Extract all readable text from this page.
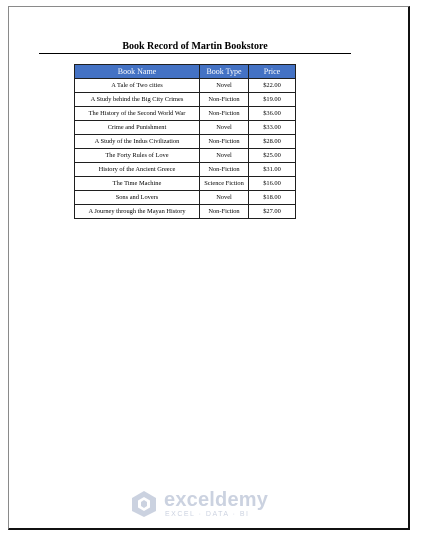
Book Record of Martin Bookstore
Book Name	Book Type	Price
A Tale of Two cities	Novel	$22.00
A Study behind the Big City Crimes	Non-Fiction	$19.00
The History of the Second World War	Non-Fiction	$36.00
Crime and Punishment	Novel	$33.00
A Study of the Indus Civilization	Non-Fiction	$28.00
The Forty Rules of Love	Novel	$25.00
History of the Ancient Greece	Non-Fiction	$31.00
The Time Machine	Science Fiction	$16.00
Sons and Lovers	Novel	$18.00
A Journey through the Mayan History	Non-Fiction	$27.00
exceldemy
EXCEL · DATA · BI
